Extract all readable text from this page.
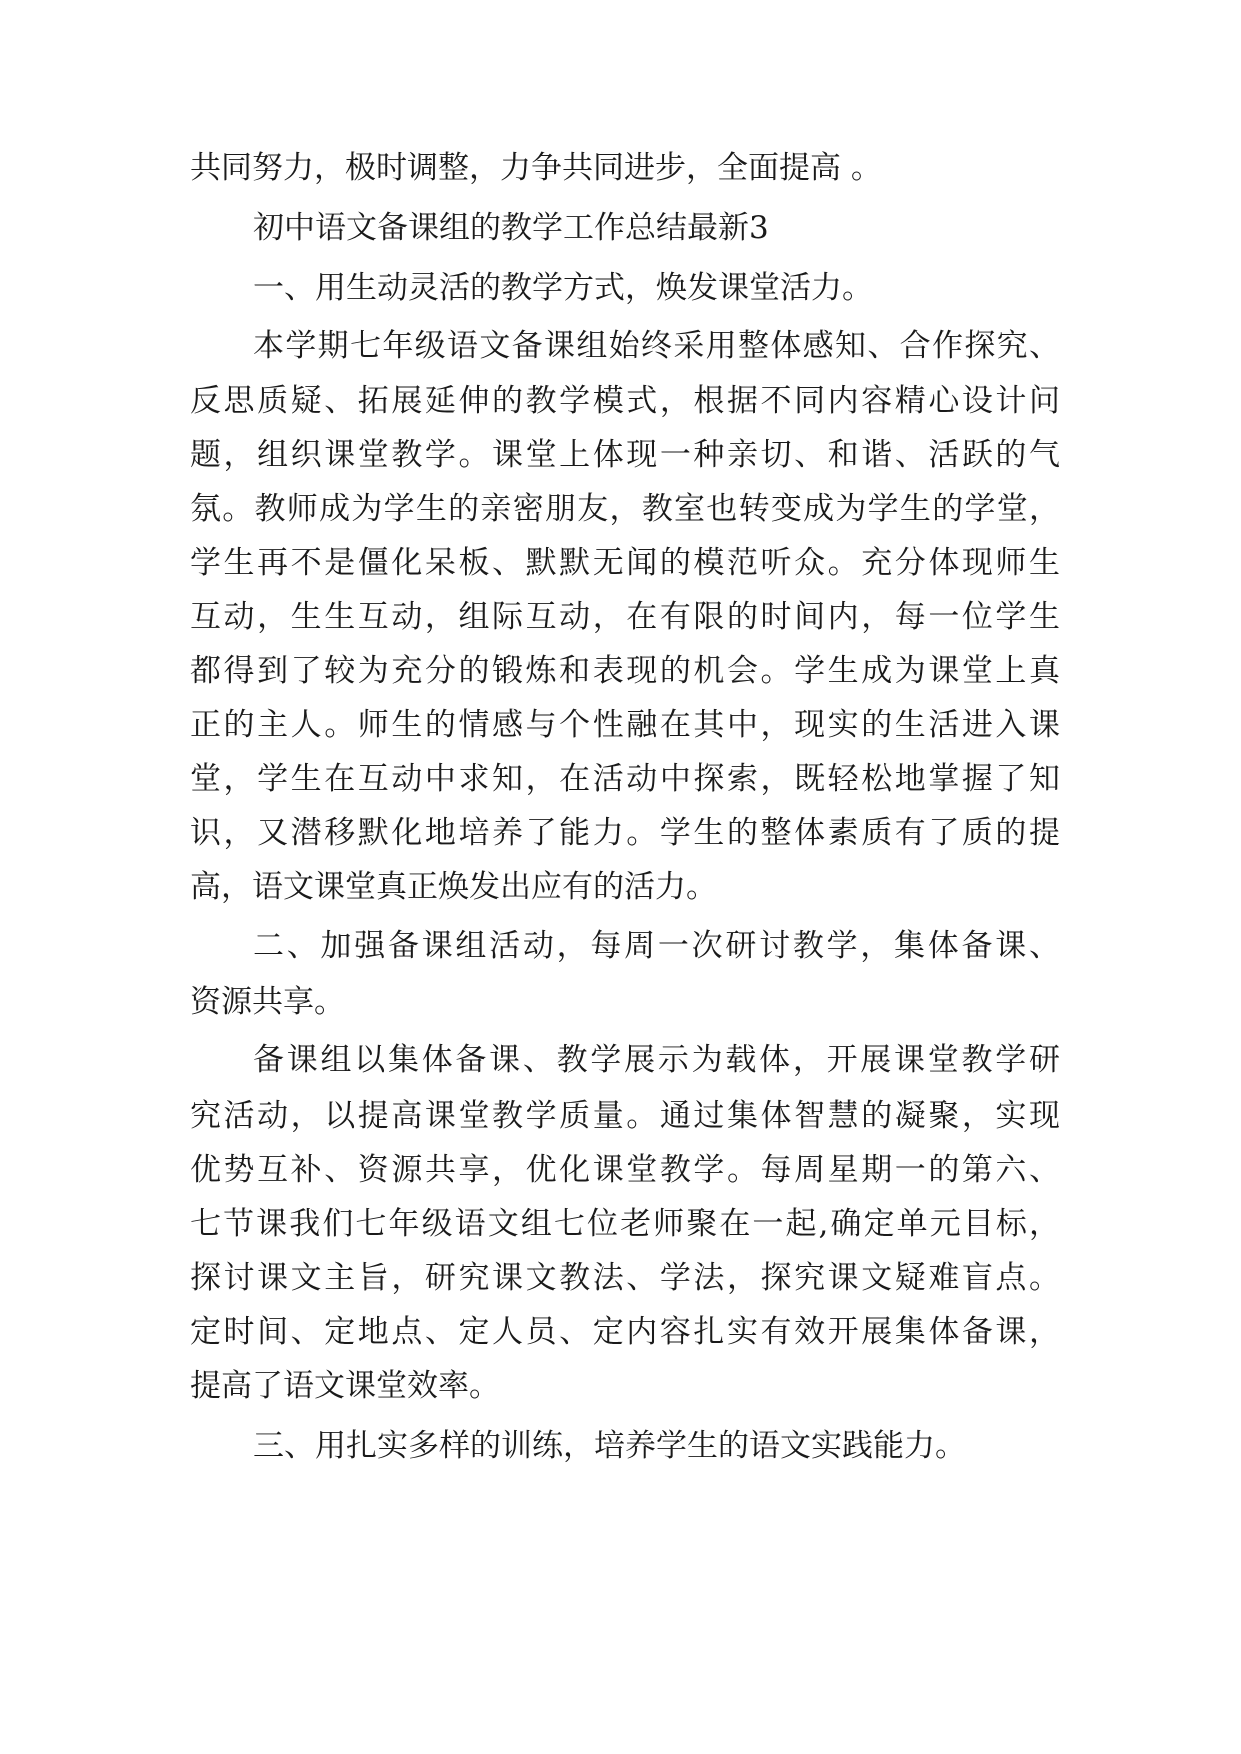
共同努力，极时调整，力争共同进步，全面提高 。
初中语文备课组的教学工作总结最新3
一、用生动灵活的教学方式，焕发课堂活力。
本学期七年级语文备课组始终采用整体感知、合作探究、
反思质疑、拓展延伸的教学模式，根据不同内容精心设计问
题，组织课堂教学。课堂上体现一种亲切、和谐、活跃的气
氛。教师成为学生的亲密朋友，教室也转变成为学生的学堂，
学生再不是僵化呆板、默默无闻的模范听众。充分体现师生
互动，生生互动，组际互动，在有限的时间内，每一位学生
都得到了较为充分的锻炼和表现的机会。学生成为课堂上真
正的主人。师生的情感与个性融在其中，现实的生活进入课
堂，学生在互动中求知，在活动中探索，既轻松地掌握了知
识，又潜移默化地培养了能力。学生的整体素质有了质的提
高，语文课堂真正焕发出应有的活力。
二、加强备课组活动，每周一次研讨教学，集体备课、
资源共享。
备课组以集体备课、教学展示为载体，开展课堂教学研
究活动，以提高课堂教学质量。通过集体智慧的凝聚，实现
优势互补、资源共享，优化课堂教学。每周星期一的第六、
七节课我们七年级语文组七位老师聚在一起,确定单元目标，
探讨课文主旨，研究课文教法、学法，探究课文疑难盲点。
定时间、定地点、定人员、定内容扎实有效开展集体备课，
提高了语文课堂效率。
三、用扎实多样的训练，培养学生的语文实践能力。
